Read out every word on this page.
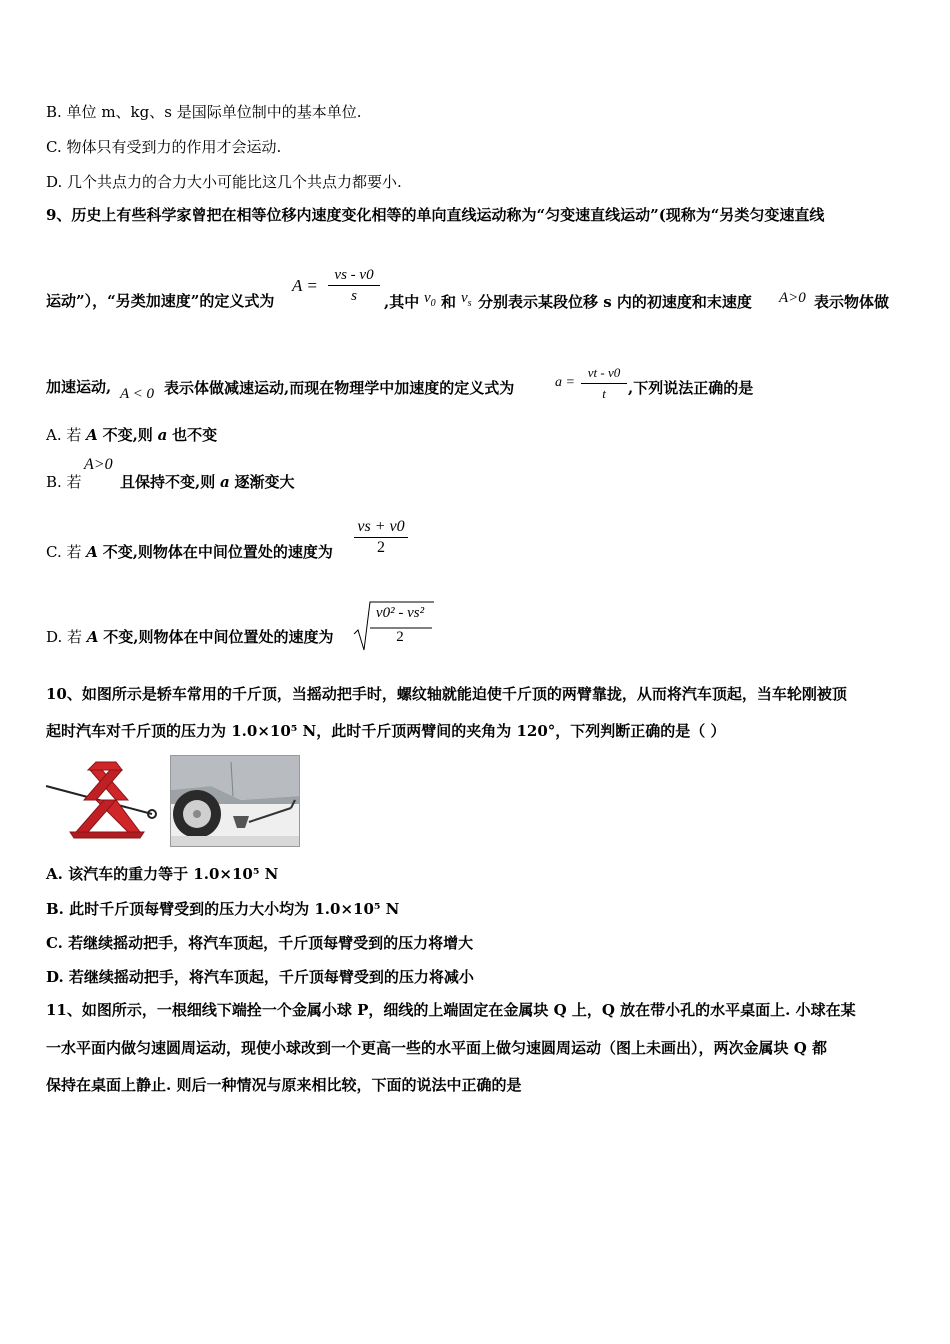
B. 单位 m、kg、s 是国际单位制中的基本单位.
C. 物体只有受到力的作用才会运动.
D. 几个共点力的合力大小可能比这几个共点力都要小.
9、历史上有些科学家曾把在相等位移内速度变化相等的单向直线运动称为“匀变速直线运动”(现称为“另类匀变速直线
运动”），“另类加速度”的定义式为
A =
vs - v0
s	,其中 $v_0$ 和 $v_s$ 分别表示某段位移 s 内的初速度和末速度 A>0 表示物体做
加速运动, A < 0 表示体做减速运动,而现在物理学中加速度的定义式为	a =
vt - v0
t	,下列说法正确的是
A. 若 A 不变,则 a 也不变
B. 若
A>0
且保持不变,则 a 逐渐变大
C. 若 A 不变,则物体在中间位置处的速度为
vs + v0
2
D. 若 A 不变,则物体在中间位置处的速度为
v0² - vs²
2
10、如图所示是轿车常用的千斤顶，当摇动把手时，螺纹轴就能迫使千斤顶的两臂靠拢，从而将汽车顶起，当车轮刚被顶
起时汽车对千斤顶的压力为 1.0×10⁵ N，此时千斤顶两臂间的夹角为 120°，下列判断正确的是（ ）
A. 该汽车的重力等于 1.0×10⁵ N
B. 此时千斤顶每臂受到的压力大小均为 1.0×10⁵ N
C. 若继续摇动把手，将汽车顶起，千斤顶每臂受到的压力将增大
D. 若继续摇动把手，将汽车顶起，千斤顶每臂受到的压力将减小
11、如图所示，一根细线下端拴一个金属小球 P，细线的上端固定在金属块 Q 上，Q 放在带小孔的水平桌面上. 小球在某
一水平面内做匀速圆周运动，现使小球改到一个更高一些的水平面上做匀速圆周运动（图上未画出），两次金属块 Q 都
保持在桌面上静止. 则后一种情况与原来相比较，下面的说法中正确的是
